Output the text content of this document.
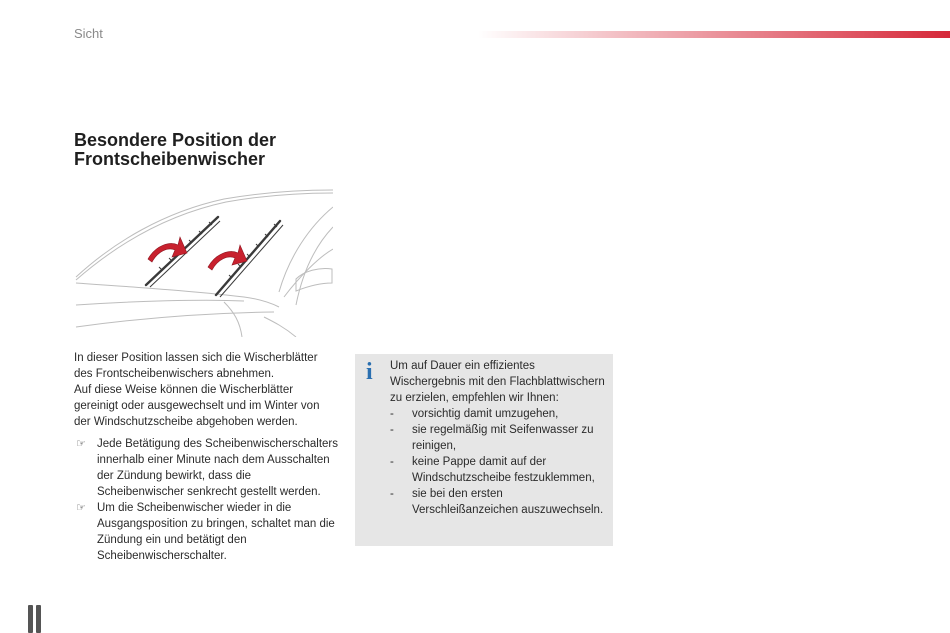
Sicht
Besondere Position der
Frontscheibenwischer

In dieser Position lassen sich die Wischerblätter des Frontscheibenwischers abnehmen.

Auf diese Weise können die Wischerblätter gereinigt oder ausgewechselt und im Winter von der Windschutzscheibe abgehoben werden.

☞ Jede Betätigung des Scheibenwischerschalters innerhalb einer Minute nach dem Ausschalten der Zündung bewirkt, dass die Scheibenwischer senkrecht gestellt werden.
☞ Um die Scheibenwischer wieder in die Ausgangsposition zu bringen, schaltet man die Zündung ein und betätigt den Scheibenwischerschalter.
i Um auf Dauer ein effizientes Wischergebnis mit den Flachblattwischern zu erzielen, empfehlen wir Ihnen:

- vorsichtig damit umzugehen,
- sie regelmäßig mit Seifenwasser zu reinigen,
- keine Pappe damit auf der Windschutzscheibe festzuklemmen,
- sie bei den ersten Verschleißanzeichen auszuwechseln.
